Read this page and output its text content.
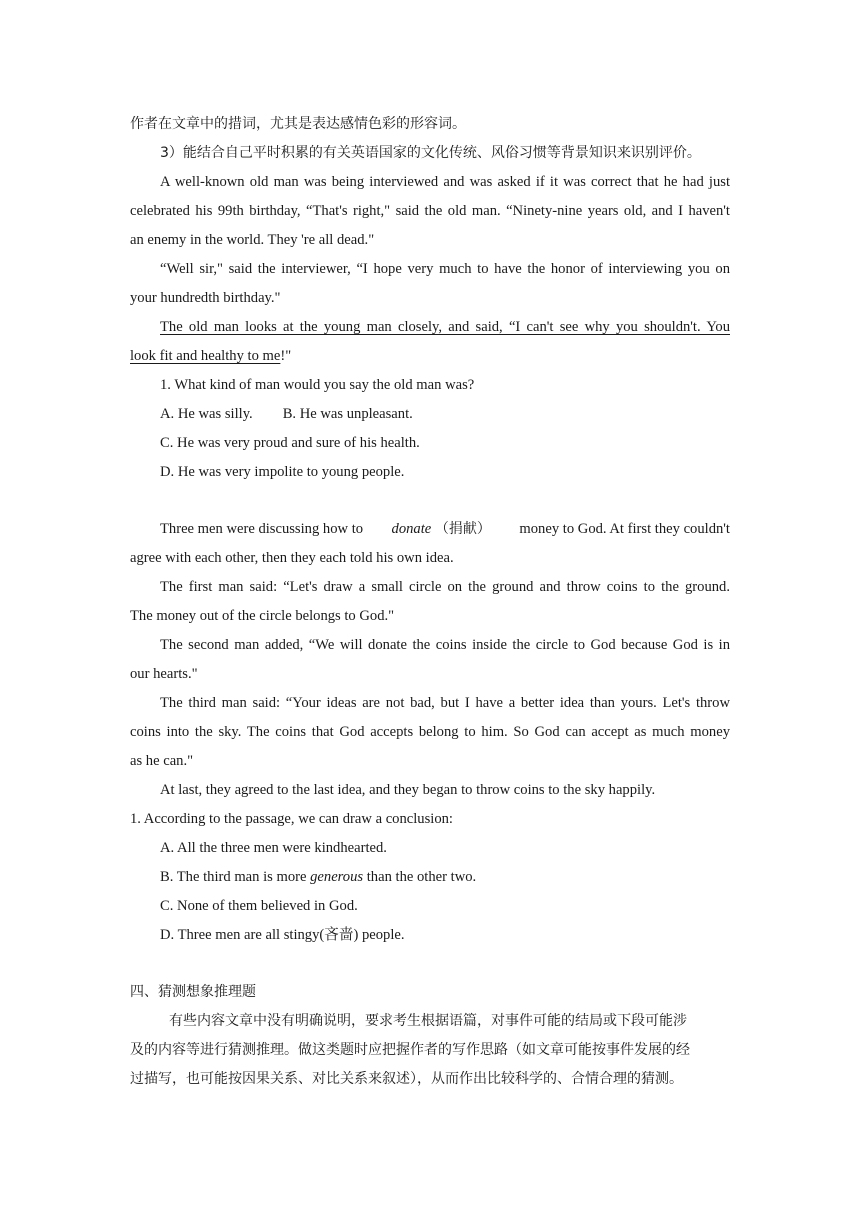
作者在文章中的措词，尤其是表达感情色彩的形容词。
3）能结合自己平时积累的有关英语国家的文化传统、风俗习惯等背景知识来识别评价。
A well-known old man was being interviewed and was asked if it was correct that he had just
celebrated his 99th birthday, “That's right," said the old man. “Ninety-nine years old, and I haven't
an enemy in the world. They 're all dead."
“Well sir," said the interviewer, “I hope very much to have the honor of interviewing you on
your hundredth birthday."
The old man looks at the young man closely, and said, “I can't see why you shouldn't. You
look fit and healthy to me!"
1. What kind of man would you say the old man was?
A. He was silly. B. He was unpleasant.
C. He was very proud and sure of his health.
D. He was very impolite to young people.
Three men were discussing how to donate （捐献） money to God. At first they couldn't
agree with each other, then they each told his own idea.
The first man said: “Let's draw a small circle on the ground and throw coins to the ground.
The money out of the circle belongs to God."
The second man added, “We will donate the coins inside the circle to God because God is in
our hearts."
The third man said: “Your ideas are not bad, but I have a better idea than yours. Let's throw
coins into the sky. The coins that God accepts belong to him. So God can accept as much money
as he can."
At last, they agreed to the last idea, and they began to throw coins to the sky happily.
1. According to the passage, we can draw a conclusion:
A. All the three men were kindhearted.
B. The third man is more generous than the other two.
C. None of them believed in God.
D. Three men are all stingy(吝啬) people.
四、猜测想象推理题
有些内容文章中没有明确说明，要求考生根据语篇，对事件可能的结局或下段可能涉
及的内容等进行猜测推理。做这类题时应把握作者的写作思路（如文章可能按事件发展的经
过描写，也可能按因果关系、对比关系来叙述），从而作出比较科学的、合情合理的猜测。
